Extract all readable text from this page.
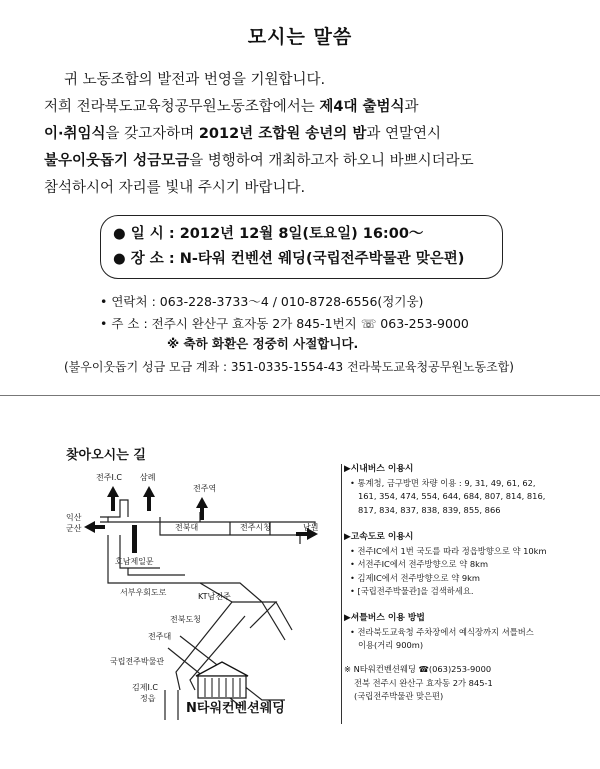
모시는 말씀
귀 노동조합의 발전과 번영을 기원합니다.
저희 전라북도교육청공무원노동조합에서는 제4대 출범식과
이·취임식을 갖고자하며 2012년 조합원 송년의 밤과 연말연시
불우이웃돕기 성금모금을 병행하여 개최하고자 하오니 바쁘시더라도
참석하시어 자리를 빛내 주시기 바랍니다.
● 일 시 : 2012년 12월 8일(토요일) 16:00～
● 장 소 : N-타워 컨벤션 웨딩(국립전주박물관 맞은편)
• 연락처 : 063-228-3733～4 / 010-8728-6556(정기웅)
• 주 소 : 전주시 완산구 효자동 2가 845-1번지 ☏ 063-253-9000
※ 축하 화환은 정중히 사절합니다.
(불우이웃돕기 성금 모금 계좌 : 351-0335-1554-43 전라북도교육청공무원노동조합)
찾아오시는 길
전주I.C 삼례
전주역
익산
군산	전북대	전주시청	남원
호남제일문
서부우회도로	KT남전주
전북도청
전주대
국립전주박물관
김제I.C
정읍
N타워컨벤션웨딩
▶시내버스 이용시
• 통계청, 금구방면 차량 이용 : 9, 31, 49, 61, 62,
161, 354, 474, 554, 644, 684, 807, 814, 816,
817, 834, 837, 838, 839, 855, 866
▶고속도로 이용시
• 전주IC에서 1번 국도를 따라 정읍방향으로 약 10km
• 서전주IC에서 전주방향으로 약 8km
• 김제IC에서 전주방향으로 약 9km
• [국립전주박물관]을 검색하세요.
▶셔틀버스 이용 방법
• 전라북도교육청 주차장에서 예식장까지 셔틀버스
이용(거리 900m)
※ N타워컨벤션웨딩 ☎(063)253-9000
전북 전주시 완산구 효자동 2가 845-1
(국립전주박물관 맞은편)
